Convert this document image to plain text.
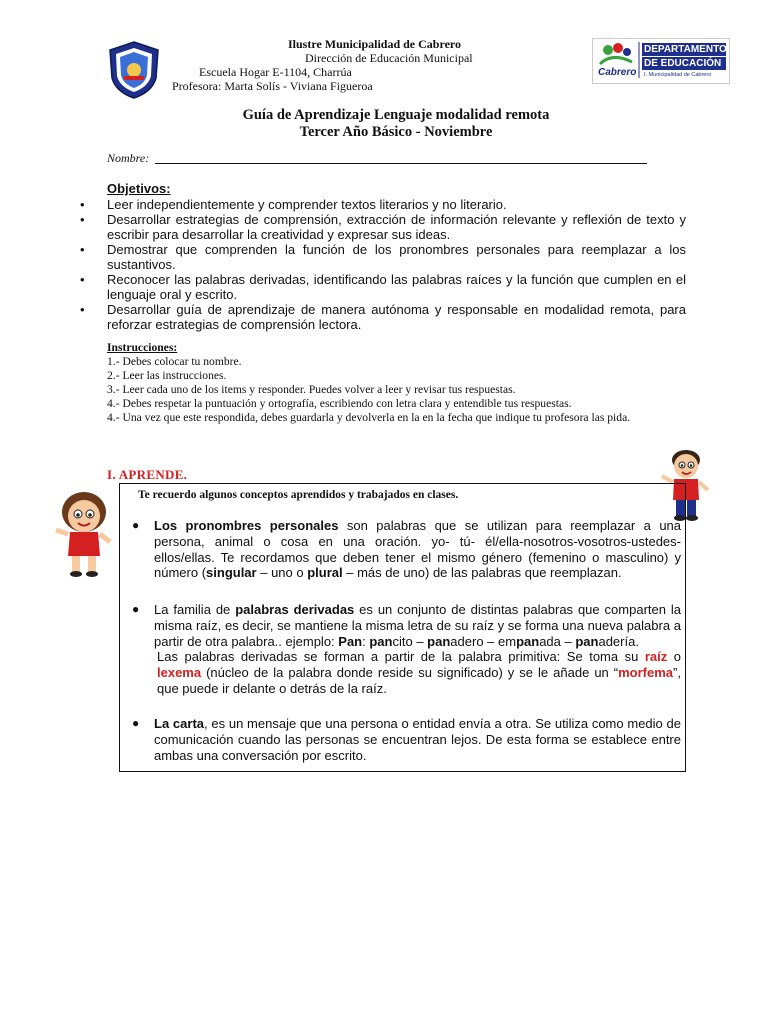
DEPARTAMENTO
DE EDUCACIÓN
I. Municipalidad de Cabrero
Cabrero
Ilustre Municipalidad de Cabrero
Dirección de Educación Municipal
Escuela Hogar E-1104, Charrúa
Profesora: Marta Solís - Viviana Figueroa
Guía de Aprendizaje Lenguaje modalidad remota
Tercer Año Básico - Noviembre
Nombre:
Objetivos:
• Leer independientemente y comprender textos literarios y no literario.
• Desarrollar estrategias de comprensión, extracción de información relevante y reflexión de texto y escribir para desarrollar la creatividad y expresar sus ideas.
• Demostrar que comprenden la función de los pronombres personales para reemplazar a los sustantivos.
• Reconocer las palabras derivadas, identificando las palabras raíces y la función que cumplen en el lenguaje oral y escrito.
• Desarrollar guía de aprendizaje de manera autónoma y responsable en modalidad remota, para reforzar estrategias de comprensión lectora.
Instrucciones:
1.- Debes colocar tu nombre.
2.- Leer las instrucciones.
3.- Leer cada uno de los items y responder. Puedes volver a leer y revisar tus respuestas.
4.- Debes respetar la puntuación y ortografía, escribiendo con letra clara y entendible tus respuestas.
4.- Una vez que este respondida, debes guardarla y devolverla en la en la fecha que indique tu profesora las pida.
I. APRENDE.
Te recuerdo algunos conceptos aprendidos y trabajados en clases.
● Los pronombres personales son palabras que se utilizan para reemplazar a una persona, animal o cosa en una oración. yo- tú- él/ella-nosotros-vosotros-ustedes- ellos/ellas. Te recordamos que deben tener el mismo género (femenino o masculino) y número (singular – uno o plural – más de uno) de las palabras que reemplazan.
● La familia de palabras derivadas es un conjunto de distintas palabras que comparten la misma raíz, es decir, se mantiene la misma letra de su raíz y se forma una nueva palabra a partir de otra palabra.. ejemplo: Pan: pancito – panadero – empanada – panadería.
Las palabras derivadas se forman a partir de la palabra primitiva: Se toma su raíz o lexema (núcleo de la palabra donde reside su significado) y se le añade un “morfema”, que puede ir delante o detrás de la raíz.
● La carta, es un mensaje que una persona o entidad envía a otra. Se utiliza como medio de comunicación cuando las personas se encuentran lejos. De esta forma se establece entre ambas una conversación por escrito.
